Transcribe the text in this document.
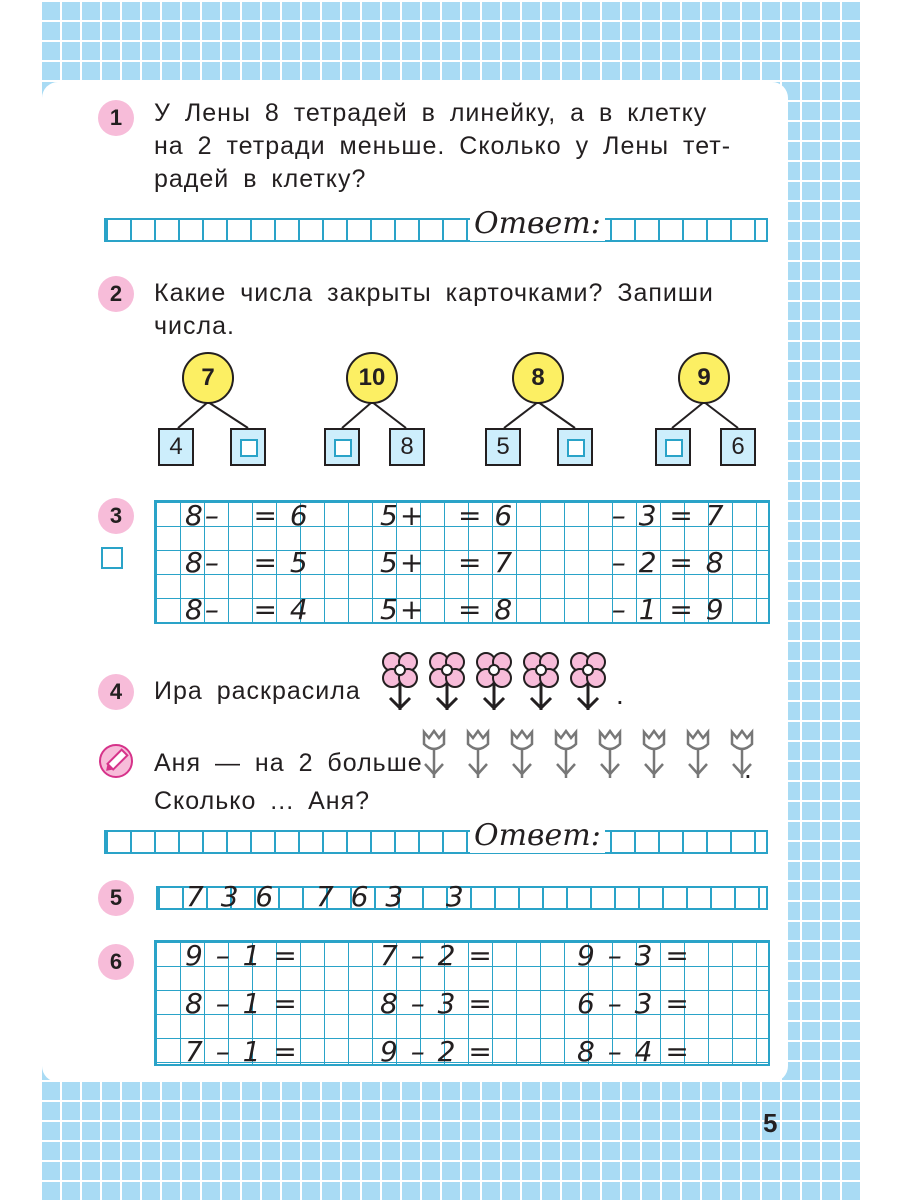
1	У Лены 8 тетрадей в линейку, а в клетку
на 2 тетради меньше. Сколько у Лены тет-
радей в клетку?
Ответ:
2	Какие числа закрыты карточками? Запиши
числа.
7
4
10
8
8
5
9
6
3	8–   = 6	5+   = 6	– 3 = 7
8–   = 5	5+   = 7	– 2 = 8
8–   = 4	5+   = 8	– 1 = 9
4	Ира раскрасила	.
Аня — на 2 больше	.
Сколько ... Аня?
Ответ:
5	7 3 6   7 6 3   3
6	9 – 1 =	7 – 2 =	9 – 3 =
8 – 1 =	8 – 3 =	6 – 3 =
7 – 1 =	9 – 2 =	8 – 4 =
5
